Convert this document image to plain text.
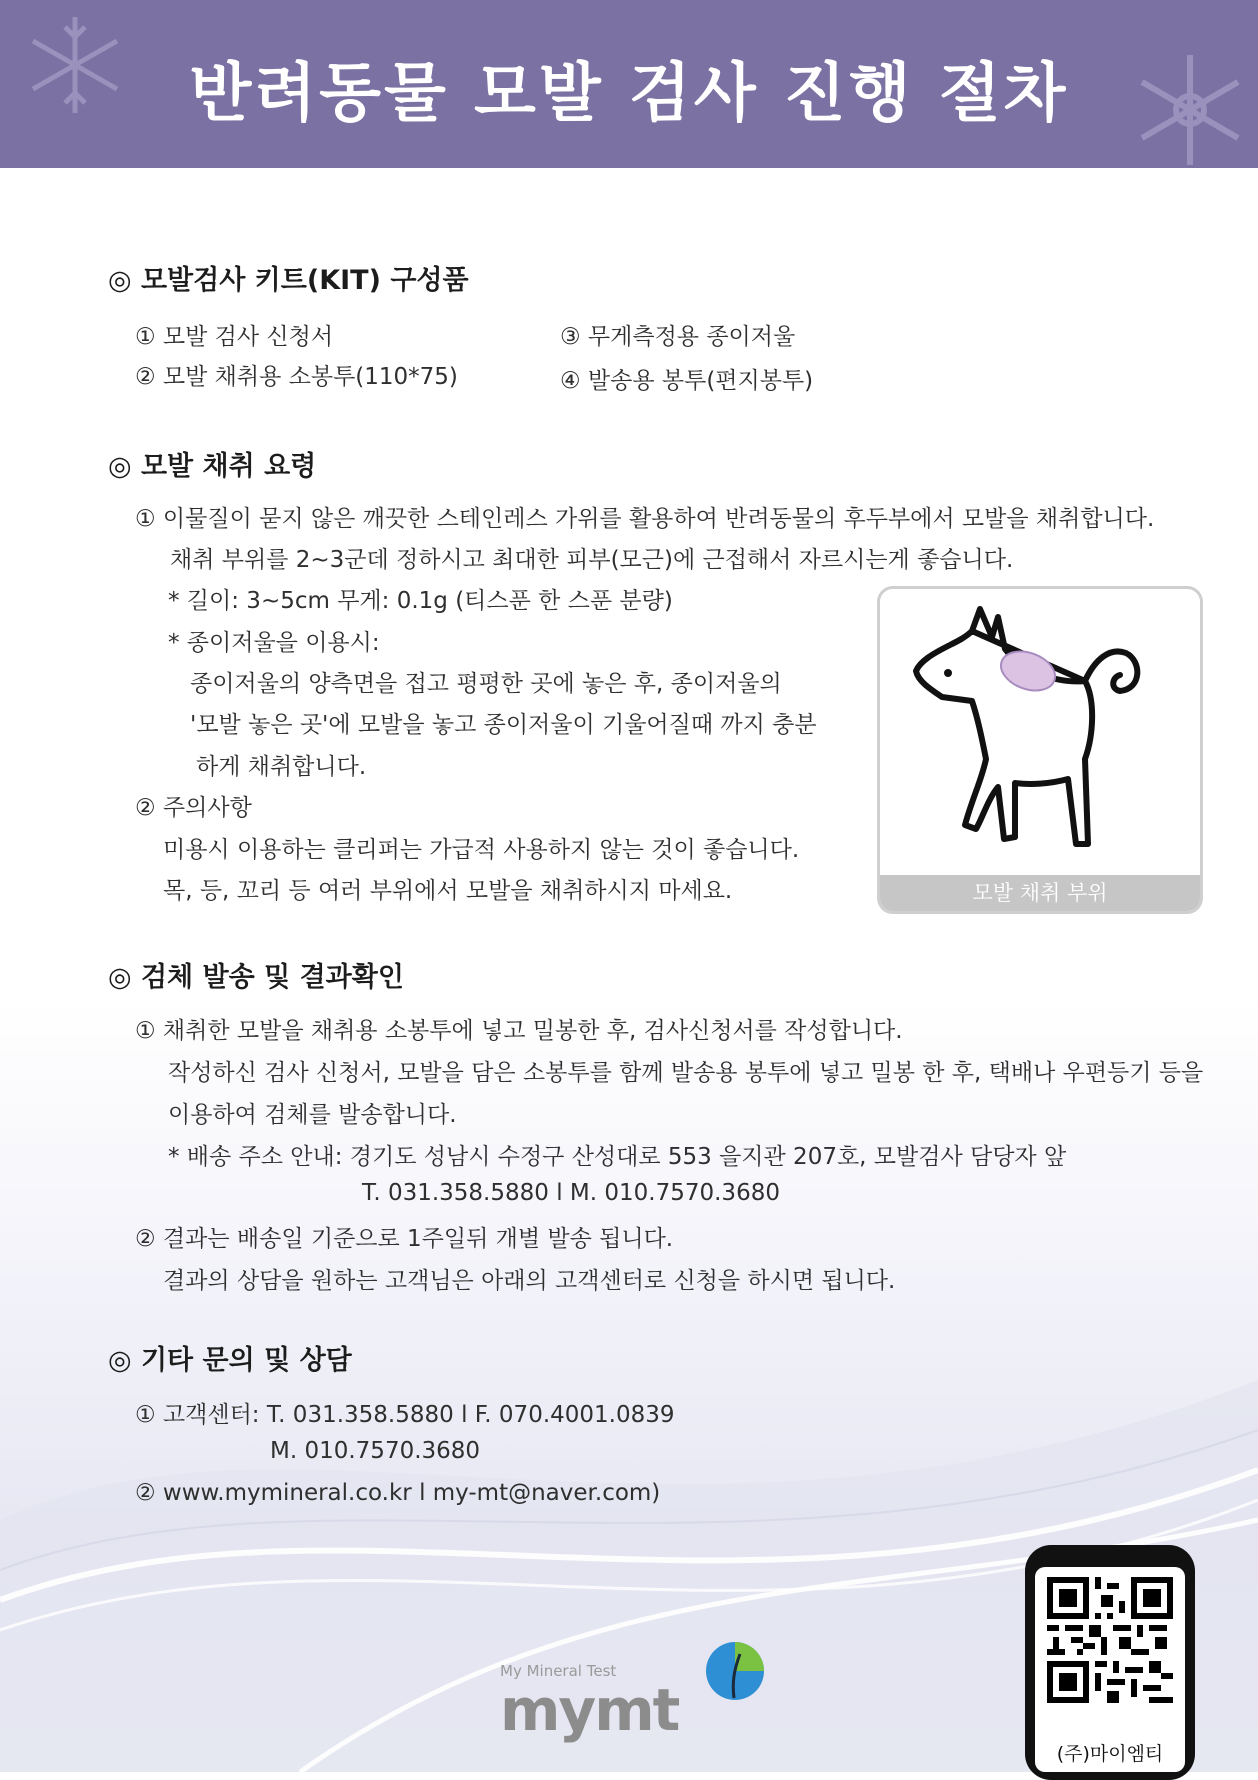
반려동물 모발 검사 진행 절차
◎ 모발검사 키트(KIT) 구성품
① 모발 검사 신청서
② 모발 채취용 소봉투(110*75)
③ 무게측정용 종이저울
④ 발송용 봉투(편지봉투)
◎ 모발 채취 요령
① 이물질이 묻지 않은 깨끗한 스테인레스 가위를 활용하여 반려동물의 후두부에서 모발을 채취합니다.
채취 부위를 2~3군데 정하시고 최대한 피부(모근)에 근접해서 자르시는게 좋습니다.
* 길이: 3~5cm 무게: 0.1g (티스푼 한 스푼 분량)
* 종이저울을 이용시:
종이저울의 양측면을 접고 평평한 곳에 놓은 후, 종이저울의
'모발 놓은 곳'에 모발을 놓고 종이저울이 기울어질때 까지 충분
하게 채취합니다.
② 주의사항
미용시 이용하는 클리퍼는 가급적 사용하지 않는 것이 좋습니다.
목, 등, 꼬리 등 여러 부위에서 모발을 채취하시지 마세요.	모발 채취 부위
◎ 검체 발송 및 결과확인
① 채취한 모발을 채취용 소봉투에 넣고 밀봉한 후, 검사신청서를 작성합니다.
작성하신 검사 신청서, 모발을 담은 소봉투를 함께 발송용 봉투에 넣고 밀봉 한 후, 택배나 우편등기 등을
이용하여 검체를 발송합니다.
* 배송 주소 안내: 경기도 성남시 수정구 산성대로 553 을지관 207호, 모발검사 담당자 앞
T. 031.358.5880 l M. 010.7570.3680
② 결과는 배송일 기준으로 1주일뒤 개별 발송 됩니다.
결과의 상담을 원하는 고객님은 아래의 고객센터로 신청을 하시면 됩니다.
◎ 기타 문의 및 상담
① 고객센터: T. 031.358.5880 l F. 070.4001.0839
M. 010.7570.3680
② www.mymineral.co.kr l my-mt@naver.com)
My Mineral Test
mymt
(주)마이엠티
